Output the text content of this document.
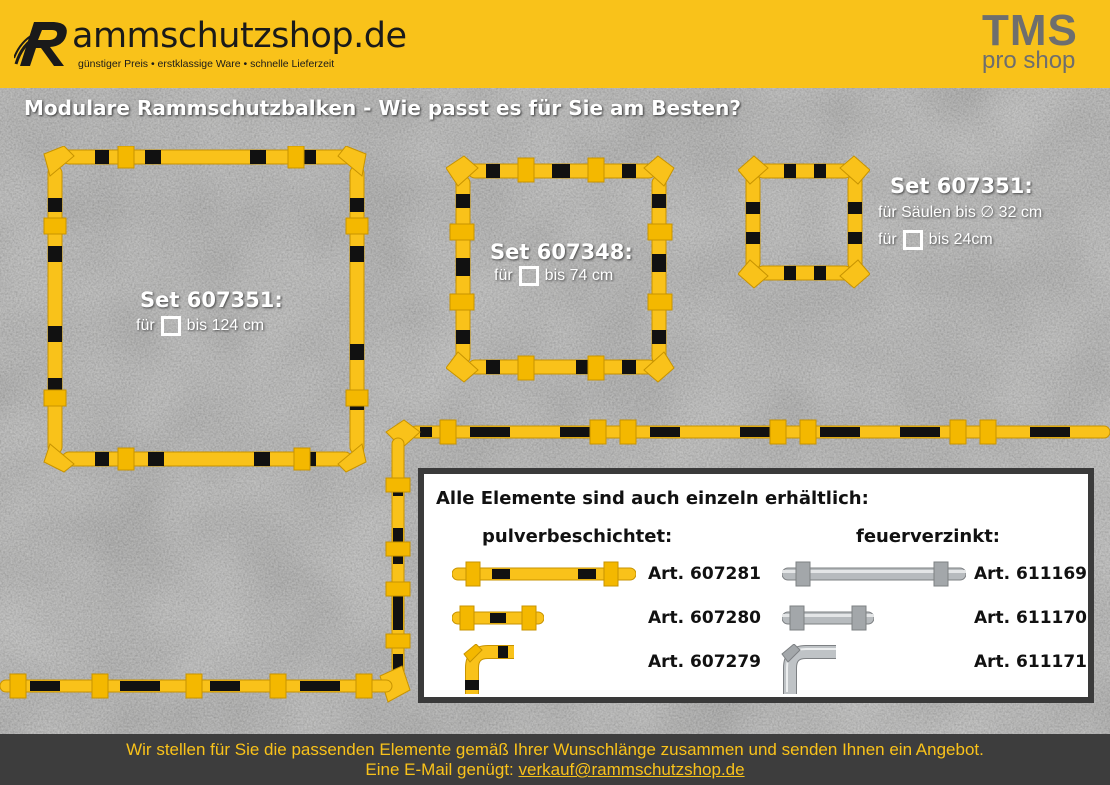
ammschutzshop.de
günstiger Preis • erstklassige Ware • schnelle Lieferzeit
TMS
pro shop
Modulare Rammschutzbalken - Wie passt es für Sie am Besten?
Set 607351:
für bis 124 cm
Set 607348:
für bis 74 cm
Set 607351:
für Säulen bis ∅ 32 cm
für bis 24cm
Alle Elemente sind auch einzeln erhältlich:
pulverbeschichtet:	feuerverzinkt:
Art. 607281
Art. 607280
Art. 607279
Art. 611169
Art. 611170
Art. 611171
Wir stellen für Sie die passenden Elemente gemäß Ihrer Wunschlänge zusammen und senden Ihnen ein Angebot.
Eine E-Mail genügt: verkauf@rammschutzshop.de
